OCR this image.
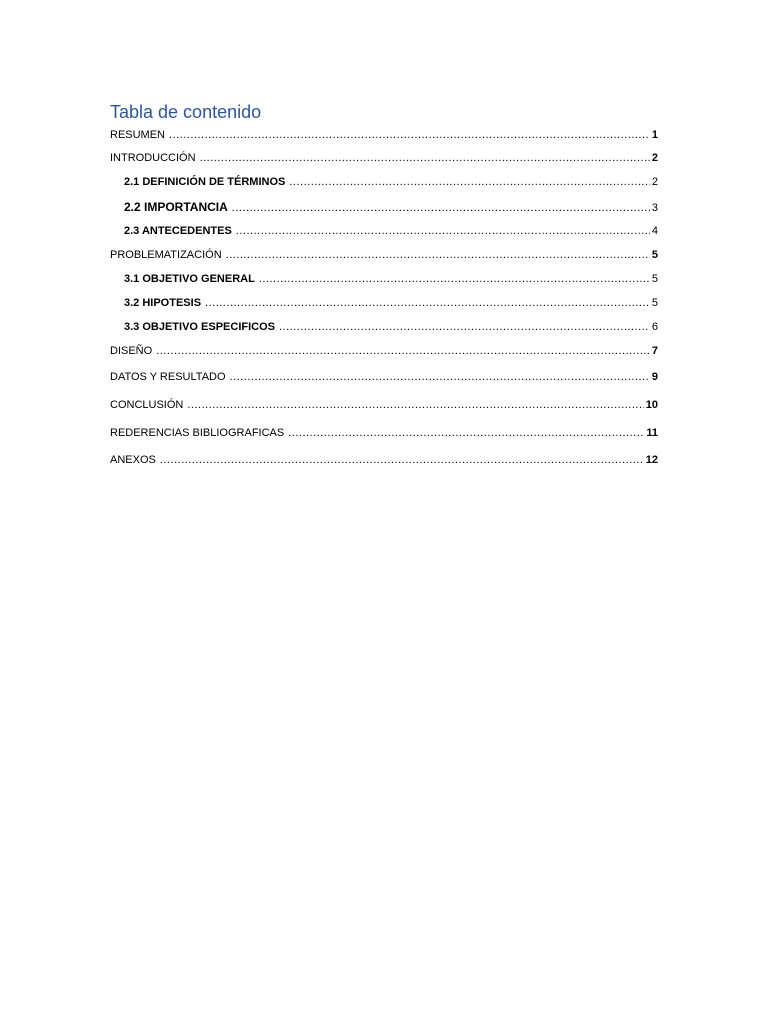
Tabla de contenido
RESUMEN .....	1
INTRODUCCIÓN .....	2
2.1 DEFINICIÓN DE TÉRMINOS .....	2
2.2 IMPORTANCIA .....	3
2.3 ANTECEDENTES .....	4
PROBLEMATIZACIÓN .....	5
3.1 OBJETIVO GENERAL .....	5
3.2 HIPOTESIS .....	5
3.3 OBJETIVO ESPECIFICOS .....	6
DISEÑO .....	7
DATOS Y RESULTADO .....	9
CONCLUSIÓN .....	10
REDERENCIAS BIBLIOGRAFICAS .....	11
ANEXOS .....	12
